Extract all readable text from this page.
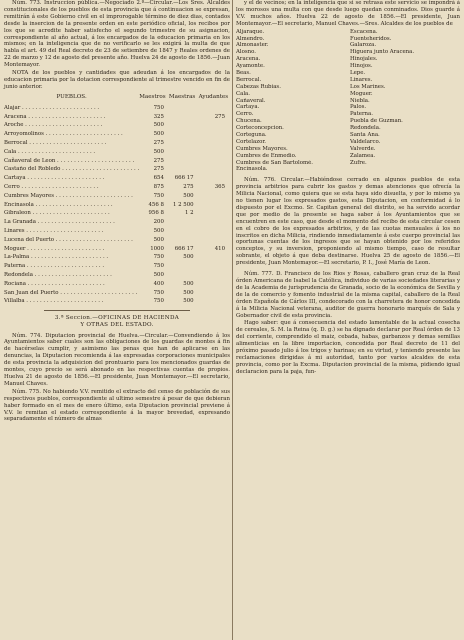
Núm. 773. Instruccion pública.—Negociado 2.º—Circular.—Los Sres. Alcaldes constitucionales de los pueblos de esta provincia que á continuacion se expresan, remitirán á este Gobierno civil en el improrogable término de diez dias, contados desde la insercion de la presente orden en este periódico oficial, los recibos por los que se acredite haber satisfecho el segundo trimestre de su asignacion, correspondiente al año actual, á los encargados de la educacion primaria en los mismos; en la inteligencia que de no verificarlo se les exigirá la multa de que habla el art. 49 del Real decreto de 23 de setiembre de 1847 y Reales ordenes de 22 de marzo y 12 de agosto del presente año. Huelva 24 de agosto de 1856.—Juan Montemayor.

NOTA de los pueblos y cantidades que adeudan á los encargados de la educacion primaria por la dotacion correspondiente al trimestre vencido en fin de junio anterior.

PUEBLOS.	Maestros	Maestras	Ayudantes
Alajar . . . . . . . . . . . . . . . . . . . . . . .	750		
Aracena . . . . . . . . . . . . . . . . . . . . . . .	325		275
Aroche . . . . . . . . . . . . . . . . . . . . . . .	500		
Arroyomolinos . . . . . . . . . . . . . . . . . . . . . . .	500		
Berrocal . . . . . . . . . . . . . . . . . . . . . . .	275		
Cala . . . . . . . . . . . . . . . . . . . . . . .	500		
Cañaveral de Leon . . . . . . . . . . . . . . . . . . . . . . .	275		
Castaño del Robledo . . . . . . . . . . . . . . . . . . . . . . .	275		
Cartaya . . . . . . . . . . . . . . . . . . . . . . .	654	666 17	
Cerro . . . . . . . . . . . . . . . . . . . . . . .	875	275	365
Cumbres Mayores . . . . . . . . . . . . . . . . . . . . . . .	750	500	
Encinasola . . . . . . . . . . . . . . . . . . . . . . .	456 8	1 2 500	
Gibraleon . . . . . . . . . . . . . . . . . . . . . . .	956 8	1 2	
La Granada . . . . . . . . . . . . . . . . . . . . . . .	200		
Linares . . . . . . . . . . . . . . . . . . . . . . .	500		
Lucena del Puerto . . . . . . . . . . . . . . . . . . . . . . .	500		
Moguer . . . . . . . . . . . . . . . . . . . . . . .	1000	666 17	410
La-Palma . . . . . . . . . . . . . . . . . . . . . . .	750	500	
Paterna . . . . . . . . . . . . . . . . . . . . . . .	750		
Redondela . . . . . . . . . . . . . . . . . . . . . . .	500		
Rociana . . . . . . . . . . . . . . . . . . . . . . .	400	500	
San Juan del Puerto . . . . . . . . . . . . . . . . . . . . . . .	750	500	
Villalba . . . . . . . . . . . . . . . . . . . . . . .	750	500	
3.ª Seccion.—OFICINAS DE HACIENDA
Y OTRAS DEL ESTADO.

Núm. 774. Diputacion provincial de Huelva.—Circular.—Convendiendo á los Ayuntamientos saber cuales son las obligaciones de los guardas de montes á fin de hacérselas cumplir, y asimismo las penas que han de aplicarse en las denuncias, la Diputacion recomienda á las expresadas corporaciones municipales de esta provincia la adquisicion del prontuario para los mencionados guardas de montes, cuyo precio se será abonado en las respectivas cuentas de propios. Huelva 21 de agosto de 1856.—El presidente, Juan Montemayor.—El secretario, Manuel Chaves.

Núm. 775. No habiendo V.V. remitido el extracto del censo de población de sus respectivos pueblos, correspondiente al ultimo semestre á pesar de que debieran haber formado en el mes de enero último, esta Diputacion provincial previene á V.V. le remitan el estado correspondiente á la mayor brevedad, expresando separadamente el número de almas

y el de vecinos; en la inteligencia que si se retrasa este servicio se impondrá á los morosos una multa con que desde luego quedan conminados. Dios guarde á V.V. muchos años. Huelva 22 de agosto de 1856.—El presidente, Juan Montemayor.—El secretario, Manuel Chaves.—Sres. Alcaldes de los pueblos de

Aljaraque.	Escacena.
Almendro.	Fuenteheridos.
Almonaster.	Galaroza.
Alosno.	Higuera junto Aracena.
Aracena.	Hinojales.
Ayamonte.	Hinojos.
Beas.	Lepe.
Berrocal.	Linares.
Cabezas Rubias.	Los Marines.
Cala.	Moguer.
Cañaveral.	Niebla.
Cartaya.	Palos.
Cerro.	Paterna.
Chucena.	Puebla de Guzman.
Corteconcepcion.	Redondela.
Corteguna.	Santa Ana.
Cortelazor.	Valdelarco.
Cumbres Mayores.	Valverde.
Cumbres de Enmedio.	Zalamea.
Cumbres de San Bartolomé.	Zufre.
Encinasola.

Núm. 776. Circular.—Habiéndose cerrado en algunos pueblos de esta provincia arbitrios para cubrir los gastos y demas atenciones que ofrecía la Milicia Nacional, como quiera que se esta haya sido disuelta, y por lo mismo ya no tienen lugar los expresados gastos, esta Diputacion, en conformidad á lo dispuesto por el Excmo. Sr. Capitan general del distrito, se ha servido acordar que por medio de la presente se haga saber á los Ayuntamientos que se encuentren en este caso, que desde el momento del recibo de esta circular cesen en el cobro de los expresados arbitrios, y de las cuotas mensuales á los no inscritos en dicha Milicia, rindiendo inmediatamente á este cuerpo provincial las oportunas cuentas de los ingresos que se hayan obtenido por los referidos conceptos, y su inversion, proponiendo al mismo tiempo, caso de resultar sobrante, el objeto á que deba destinarse. Huelva 25 de agosto de 1856.—El presidente, Juan Montemayor.—El secretario, P. I., José María de Leon.

Núm. 777. D. Francisco de los Rios y Rosas, caballero gran cruz de la Real órden Americana de Isabel la Católica, individuo de varias sociedades literarias y de la Academia de jurisprudencia de Granada, socio de la económica de Sevilla y de la de comercio y fomento industrial de la misma capital, caballero de la Real órden Española de Cárlos III, condecorado con la charretera de honor concedida á la Milicia Nacional veterana, auditor de guerra honorario marqués de Sala y Gobernador civil de esta provincia.

Hago saber: que á consecuencia del estado lamentable de la actual cosecha de cereales, S. M. la Reina (q. D. g.) se ha dignado declarar por Real órden de 13 del corriente, comprendido el maiz, cebada, habas, garbanzos y demas semillas alimenticias en la libre importacion, concedida por Real decreto de 11 del próximo pasado julio á los trigos y harinas; en su virtud, y teniendo presente las reclamaciones dirigidas á mi autoridad, tanto por varios alcaldes de esta provincia, como por la Excma. Diputacion provincial de la misma, pidiendo igual declaracion para la paja, fun-
